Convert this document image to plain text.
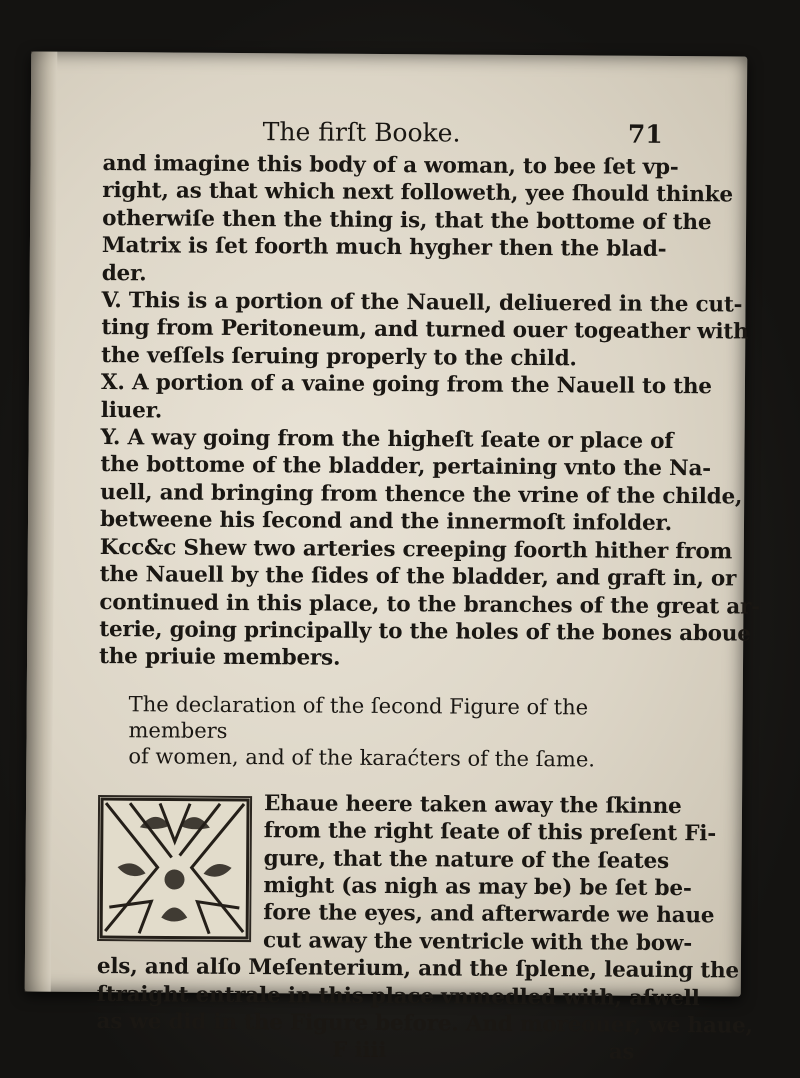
The firſt Booke.	71
and imagine this body of a woman, to bee ſet vp-
right, as that which next followeth, yee ſhould thinke
otherwiſe then the thing is, that the bottome of the
Matrix is ſet foorth much hygher then the blad-
der.
V. This is a portion of the Nauell, deliuered in the cut-
ting from Peritoneum, and turned ouer togeather with
the veſſels ſeruing properly to the child.
X. A portion of a vaine going from the Nauell to the
liuer.
Y. A way going from the higheſt ſeate or place of
the bottome of the bladder, pertaining vnto the Na-
uell, and bringing from thence the vrine of the childe,
betweene his ſecond and the innermoſt infolder.
Kcc&c Shew two arteries creeping foorth hither from
the Nauell by the ſides of the bladder, and graft in, or
continued in this place, to the branches of the great ar-
terie, going principally to the holes of the bones aboue
the priuie members.
The declaration of the ſecond Figure of the members
of women, and of the karaćters of the ſame.
Ehaue heere taken away the ſkinne
from the right ſeate of this preſent Fi-
gure, that the nature of the ſeates
might (as nigh as may be) be ſet be-
fore the eyes, and afterwarde we haue
cut away the ventricle with the bow-
els, and alſo Meſenterium, and the ſplene, leauing the
ſtraight entrale in this place vnmedled with, aſwell
as we did in the Figure before. And moreouer, we haue,
F iiii	as
